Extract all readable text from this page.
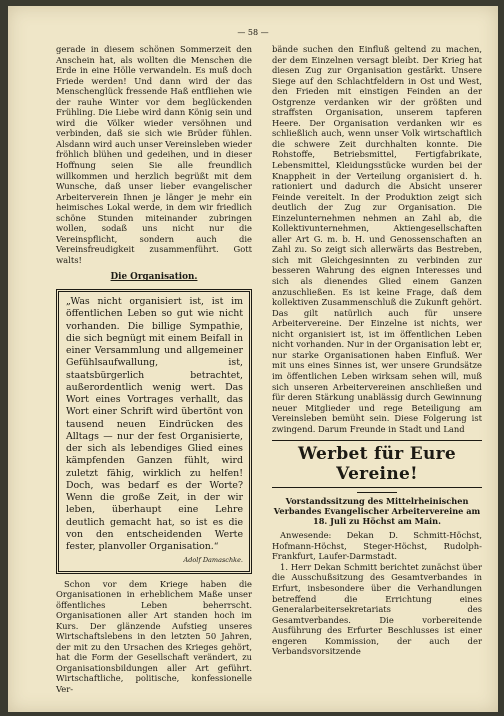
— 58 —

gerade in diesem schönen Sommerzeit den Anschein hat, als wollten die Menschen die Erde in eine Hölle verwandeln. Es muß doch Friede werden! Und dann wird der das Menschenglück fressende Haß entfliehen wie der rauhe Winter vor dem beglückenden Frühling. Die Liebe wird dann König sein und wird die Völker wieder versöhnen und verbinden, daß sie sich wie Brüder fühlen. Alsdann wird auch unser Vereinsleben wieder fröhlich blühen und gedeihen, und in dieser Hoffnung seien Sie alle freundlich willkommen und herzlich begrüßt mit dem Wunsche, daß unser lieber evangelischer Arbeiterverein Ihnen je länger je mehr ein heimisches Lokal werde, in dem wir friedlich schöne Stunden miteinander zubringen wollen, sodaß uns nicht nur die Vereinspflicht, sondern auch die Vereinsfreudigkeit zusammenführt. Gott walts!

Die Organisation.
„Was nicht organisiert ist, ist im öffentlichen Leben so gut wie nicht vorhanden. Die billige Sympathie, die sich begnügt mit einem Beifall in einer Versammlung und allgemeiner Gefühlsaufwallung, ist, staatsbürgerlich betrachtet, außerordentlich wenig wert. Das Wort eines Vortrages verhallt, das Wort einer Schrift wird übertönt von tausend neuen Eindrücken des Alltags — nur der fest Organisierte, der sich als lebendiges Glied eines kämpfenden Ganzen fühlt, wird zuletzt fähig, wirklich zu helfen! Doch, was bedarf es der Worte? Wenn die große Zeit, in der wir leben, überhaupt eine Lehre deutlich gemacht hat, so ist es die von den entscheidenden Werte fester, planvoller Organisation.“
Adolf Damaschke.

Schon vor dem Kriege haben die Organisationen in erheblichem Maße unser öffentliches Leben beherrscht. Organisationen aller Art standen hoch im Kurs. Der glänzende Aufstieg unseres Wirtschaftslebens in den letzten 50 Jahren, der mit zu den Ursachen des Krieges gehört, hat die Form der Gesellschaft verändert, zu Organisationsbildungen aller Art geführt. Wirtschaftliche, politische, konfessionelle Ver-

bände suchen den Einfluß geltend zu machen, der dem Einzelnen versagt bleibt. Der Krieg hat diesen Zug zur Organisation gestärkt. Unsere Siege auf den Schlachtfeldern in Ost und West, den Frieden mit einstigen Feinden an der Ostgrenze verdanken wir der größten und straffsten Organisation, unserem tapferen Heere. Der Organisation verdanken wir es schließlich auch, wenn unser Volk wirtschaftlich die schwere Zeit durchhalten konnte. Die Rohstoffe, Betriebsmittel, Fertigfabrikate, Lebensmittel, Kleidungsstücke wurden bei der Knappheit in der Verteilung organisiert d. h. rationiert und dadurch die Absicht unserer Feinde vereitelt. In der Produktion zeigt sich deutlich der Zug zur Organisation. Die Einzelunternehmen nehmen an Zahl ab, die Kollektivunternehmen, Aktiengesellschaften aller Art G. m. b. H. und Genossenschaften an Zahl zu. So zeigt sich allerwärts das Bestreben, sich mit Gleichgesinnten zu verbinden zur besseren Wahrung des eignen Interesses und sich als dienendes Glied einem Ganzen anzuschließen. Es ist keine Frage, daß dem kollektiven Zusammenschluß die Zukunft gehört. Das gilt natürlich auch für unsere Arbeitervereine. Der Einzelne ist nichts, wer nicht organisiert ist, ist im öffentlichen Leben nicht vorhanden. Nur in der Organisation lebt er, nur starke Organisationen haben Einfluß. Wer mit uns eines Sinnes ist, wer unsere Grundsätze im öffentlichen Leben wirksam sehen will, muß sich unseren Arbeitervereinen anschließen und für deren Stärkung unablässig durch Gewinnung neuer Mitglieder und rege Beteiligung am Vereinsleben bemüht sein. Diese Folgerung ist zwingend. Darum Freunde in Stadt und Land

Werbet für Eure Vereine!
Vorstandssitzung des Mittelrheinischen Verbandes Evangelischer Arbeitervereine am 18. Juli zu Höchst am Main.

Anwesende: Dekan D. Schmitt-Höchst, Hofmann-Höchst, Steger-Höchst, Rudolph-Frankfurt, Laufer-Darmstadt.

1. Herr Dekan Schmitt berichtet zunächst über die Ausschußsitzung des Gesamtverbandes in Erfurt, insbesondere über die Verhandlungen betreffend die Errichtung eines Generalarbeitersekretariats des Gesamtverbandes. Die vorbereitende Ausführung des Erfurter Beschlusses ist einer engeren Kommission, der auch der Verbandsvorsitzende
